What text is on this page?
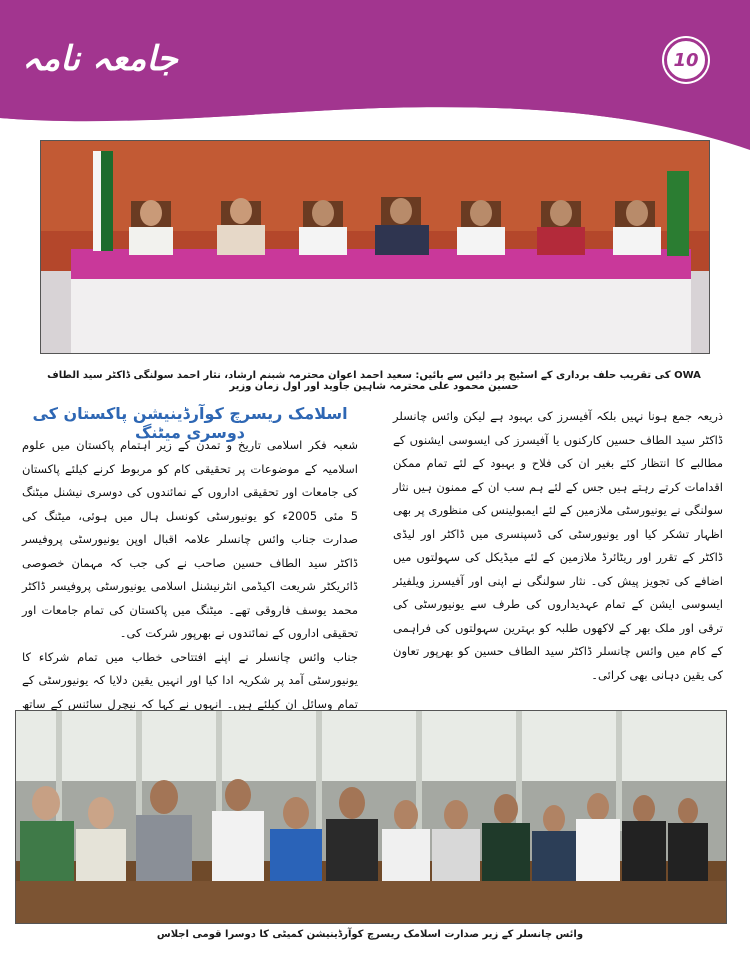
جامعہ نامہ	10
OWA کی تقریب حلف برداری کے اسٹیج پر دائیں سے بائیں: سعید احمد اعوان محترمہ شبنم ارشاد، نثار احمد سولنگی ڈاکٹر سید الطاف حسین محمود علی محترمہ شاہین جاوید اور اول زمان وزیر

ذریعہ جمع ہونا نہیں بلکہ آفیسرز کی بہبود ہے لیکن وائس چانسلر ڈاکٹر سید الطاف حسین کارکنوں یا آفیسرز کی ایسوسی ایشنوں کے مطالبے کا انتظار کئے بغیر ان کی فلاح و بہبود کے لئے تمام ممکن اقدامات کرتے رہتے ہیں جس کے لئے ہم سب ان کے ممنون ہیں نثار سولنگی نے یونیورسٹی ملازمین کے لئے ایمبولینس کی منظوری پر بھی اظہار تشکر کیا اور یونیورسٹی کی ڈسپنسری میں ڈاکٹر اور لیڈی ڈاکٹر کے تقرر اور ریٹائرڈ ملازمین کے لئے میڈیکل کی سہولتوں میں اضافے کی تجویز پیش کی۔ نثار سولنگی نے اپنی اور آفیسرز ویلفیئر ایسوسی ایشن کے تمام عہدیداروں کی طرف سے یونیورسٹی کی ترقی اور ملک بھر کے لاکھوں طلبہ کو بہترین سہولتوں کی فراہمی کے کام میں وائس چانسلر ڈاکٹر سید الطاف حسین کو بھرپور تعاون کی یقین دہانی بھی کرائی۔

اسلامک ریسرچ کوآرڈینیشن پاکستان کی دوسری میٹنگ

شعبہ فکر اسلامی تاریخ و تمدن کے زیر اہتمام پاکستان میں علوم اسلامیہ کے موضوعات پر تحقیقی کام کو مربوط کرنے کیلئے پاکستان کی جامعات اور تحقیقی اداروں کے نمائندوں کی دوسری نیشنل میٹنگ 5 مئی 2005ء کو یونیورسٹی کونسل ہال میں ہوئی، میٹنگ کی صدارت جناب وائس چانسلر علامہ اقبال اوپن یونیورسٹی پروفیسر ڈاکٹر سید الطاف حسین صاحب نے کی جب کہ مہمان خصوصی ڈائریکٹر شریعت اکیڈمی انٹرنیشنل اسلامی یونیورسٹی پروفیسر ڈاکٹر محمد یوسف فاروقی تھے۔ میٹنگ میں پاکستان کی تمام جامعات اور تحقیقی اداروں کے نمائندوں نے بھرپور شرکت کی۔

جناب وائس چانسلر نے اپنے افتتاحی خطاب میں تمام شرکاء کا یونیورسٹی آمد پر شکریہ ادا کیا اور انہیں یقین دلایا کہ یونیورسٹی کے تمام وسائل ان کیلئے ہیں۔ انہوں نے کہا کہ نیچرل سائنس کے ساتھ

وائس چانسلر کے زیر صدارت اسلامک ریسرچ کوآرڈینیشن کمیٹی کا دوسرا قومی اجلاس
